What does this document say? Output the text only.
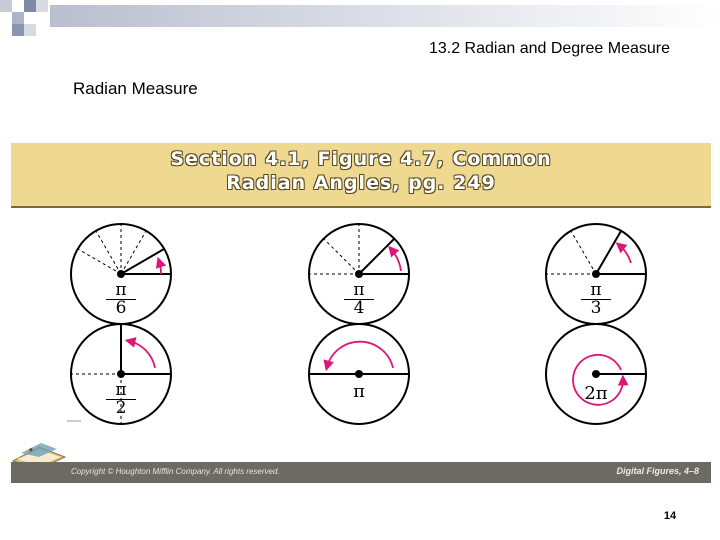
13.2 Radian and Degree Measure
Radian Measure
Section 4.1, Figure 4.7, Common
Radian Angles, pg. 249
$\frac{\pi}{6}$	$\frac{\pi}{4}$	$\frac{\pi}{3}$
$\frac{\pi}{2}$	π	2π
◆
Copyright © Houghton Mifflin Company. All rights reserved.	Digital Figures, 4–8
14
